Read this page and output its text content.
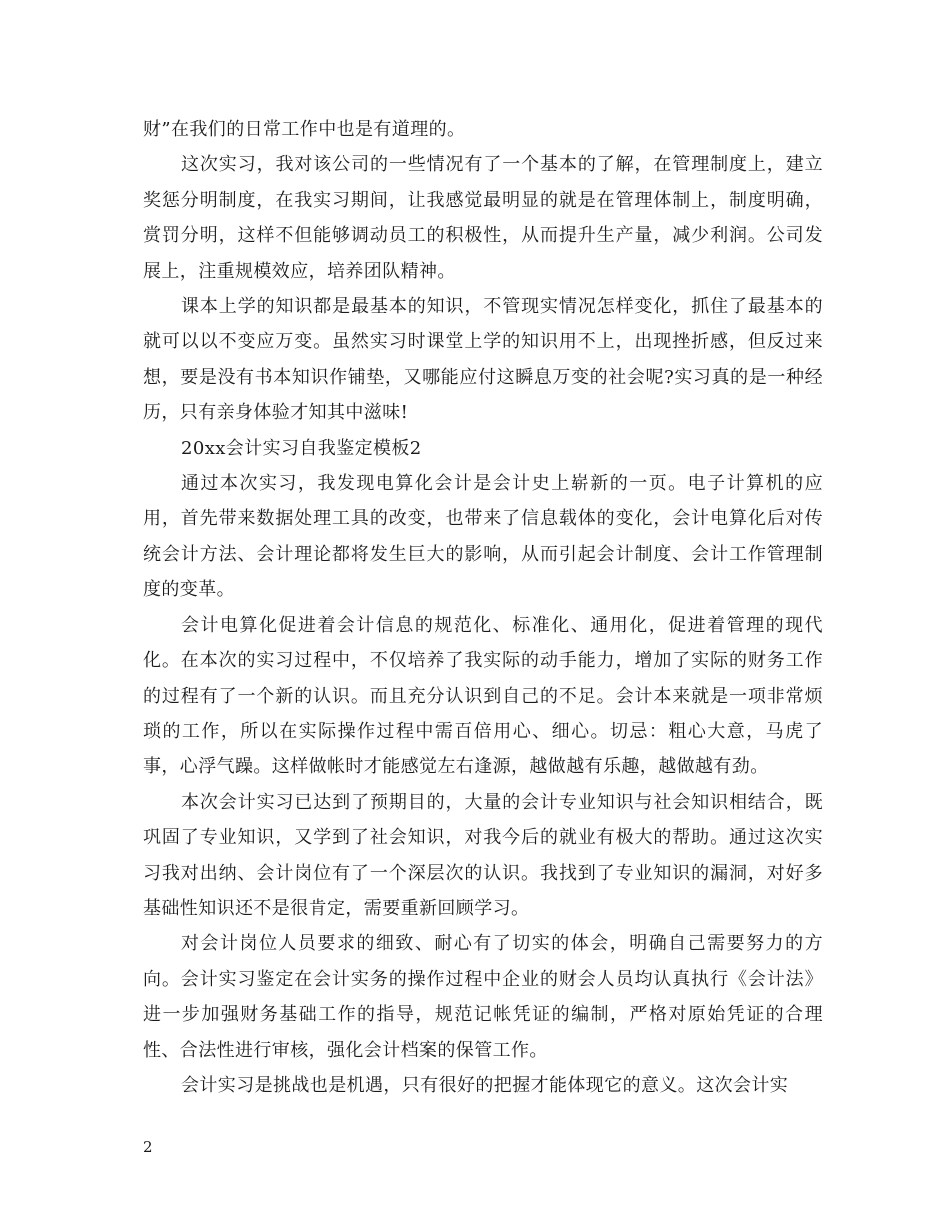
财”在我们的日常工作中也是有道理的。

这次实习，我对该公司的一些情况有了一个基本的了解，在管理制度上，建立奖惩分明制度，在我实习期间，让我感觉最明显的就是在管理体制上，制度明确，赏罚分明，这样不但能够调动员工的积极性，从而提升生产量，减少利润。公司发展上，注重规模效应，培养团队精神。

课本上学的知识都是最基本的知识，不管现实情况怎样变化，抓住了最基本的就可以以不变应万变。虽然实习时课堂上学的知识用不上，出现挫折感，但反过来想，要是没有书本知识作铺垫，又哪能应付这瞬息万变的社会呢?实习真的是一种经历，只有亲身体验才知其中滋味!

20xx会计实习自我鉴定模板2

通过本次实习，我发现电算化会计是会计史上崭新的一页。电子计算机的应用，首先带来数据处理工具的改变，也带来了信息载体的变化，会计电算化后对传统会计方法、会计理论都将发生巨大的影响，从而引起会计制度、会计工作管理制度的变革。

会计电算化促进着会计信息的规范化、标准化、通用化，促进着管理的现代化。在本次的实习过程中，不仅培养了我实际的动手能力，增加了实际的财务工作的过程有了一个新的认识。而且充分认识到自己的不足。会计本来就是一项非常烦琐的工作，所以在实际操作过程中需百倍用心、细心。切忌：粗心大意，马虎了事，心浮气躁。这样做帐时才能感觉左右逢源，越做越有乐趣，越做越有劲。

本次会计实习已达到了预期目的，大量的会计专业知识与社会知识相结合，既巩固了专业知识，又学到了社会知识，对我今后的就业有极大的帮助。通过这次实习我对出纳、会计岗位有了一个深层次的认识。我找到了专业知识的漏洞，对好多基础性知识还不是很肯定，需要重新回顾学习。

对会计岗位人员要求的细致、耐心有了切实的体会，明确自己需要努力的方向。会计实习鉴定在会计实务的操作过程中企业的财会人员均认真执行《会计法》进一步加强财务基础工作的指导，规范记帐凭证的编制，严格对原始凭证的合理性、合法性进行审核，强化会计档案的保管工作。

会计实习是挑战也是机遇，只有很好的把握才能体现它的意义。这次会计实

2
